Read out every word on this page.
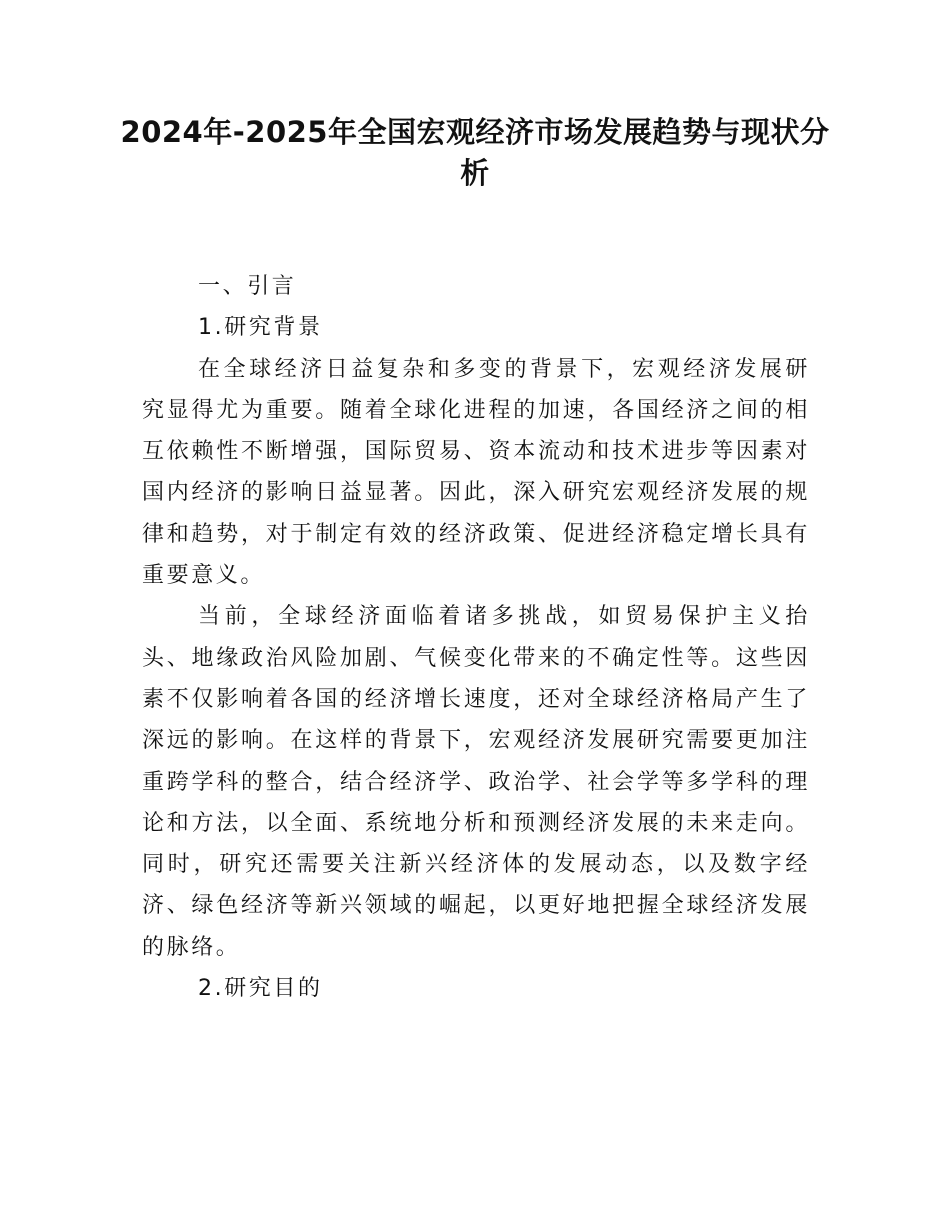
2024年-2025年全国宏观经济市场发展趋势与现状分析

一、引言

1.研究背景

在全球经济日益复杂和多变的背景下，宏观经济发展研究显得尤为重要。随着全球化进程的加速，各国经济之间的相互依赖性不断增强，国际贸易、资本流动和技术进步等因素对国内经济的影响日益显著。因此，深入研究宏观经济发展的规律和趋势，对于制定有效的经济政策、促进经济稳定增长具有重要意义。

当前，全球经济面临着诸多挑战，如贸易保护主义抬头、地缘政治风险加剧、气候变化带来的不确定性等。这些因素不仅影响着各国的经济增长速度，还对全球经济格局产生了深远的影响。在这样的背景下，宏观经济发展研究需要更加注重跨学科的整合，结合经济学、政治学、社会学等多学科的理论和方法，以全面、系统地分析和预测经济发展的未来走向。同时，研究还需要关注新兴经济体的发展动态，以及数字经济、绿色经济等新兴领域的崛起，以更好地把握全球经济发展的脉络。

2.研究目的
